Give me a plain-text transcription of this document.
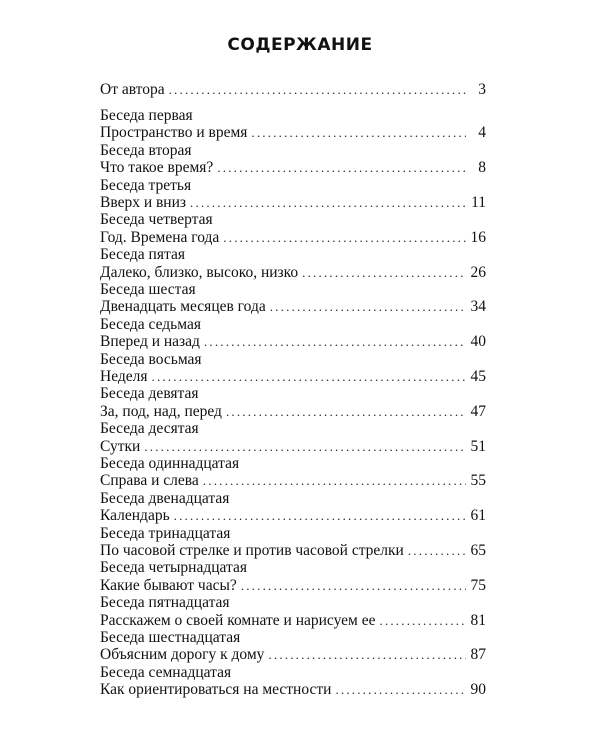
СОДЕРЖАНИЕ
От автора .....	3
Беседа первая
Пространство и время .....	4
Беседа вторая
Что такое время? .....	8
Беседа третья
Вверх и вниз .....	11
Беседа четвертая
Год. Времена года .....	16
Беседа пятая
Далеко, близко, высоко, низко .....	26
Беседа шестая
Двенадцать месяцев года .....	34
Беседа седьмая
Вперед и назад .....	40
Беседа восьмая
Неделя .....	45
Беседа девятая
За, под, над, перед .....	47
Беседа десятая
Сутки .....	51
Беседа одиннадцатая
Справа и слева .....	55
Беседа двенадцатая
Календарь .....	61
Беседа тринадцатая
По часовой стрелке и против часовой стрелки .....	65
Беседа четырнадцатая
Какие бывают часы? .....	75
Беседа пятнадцатая
Расскажем о своей комнате и нарисуем ее .....	81
Беседа шестнадцатая
Объясним дорогу к дому .....	87
Беседа семнадцатая
Как ориентироваться на местности .....	90
